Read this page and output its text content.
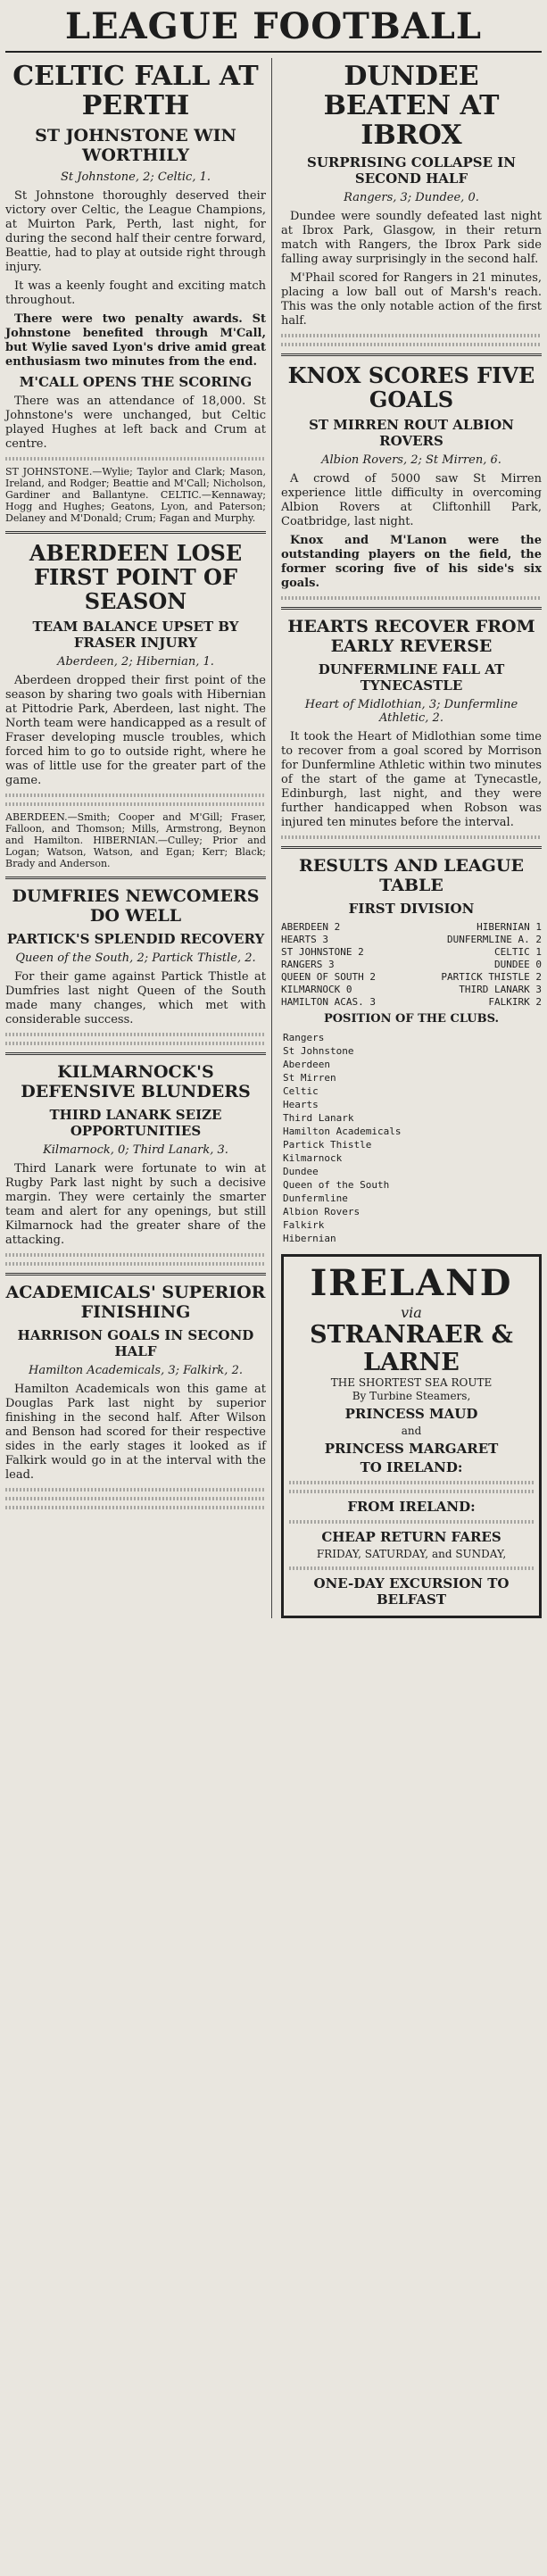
LEAGUE FOOTBALL
CELTIC FALL AT PERTH
ST JOHNSTONE WIN WORTHILY
St Johnstone, 2; Celtic, 1.

St Johnstone thoroughly deserved their victory over Celtic, the League Champions, at Muirton Park, Perth, last night, for during the second half their centre forward, Beattie, had to play at outside right through injury.

It was a keenly fought and exciting match throughout.

There were two penalty awards. St Johnstone benefited through M'Call, but Wylie saved Lyon's drive amid great enthusiasm two minutes from the end.

M'CALL OPENS THE SCORING

There was an attendance of 18,000. St Johnstone's were unchanged, but Celtic played Hughes at left back and Crum at centre.

ST JOHNSTONE.—Wylie; Taylor and Clark; Mason, Ireland, and Rodger; Beattie and M'Call; Nicholson, Gardiner and Ballantyne. CELTIC.—Kennaway; Hogg and Hughes; Geatons, Lyon, and Paterson; Delaney and M'Donald; Crum; Fagan and Murphy.

ABERDEEN LOSE FIRST POINT OF SEASON
TEAM BALANCE UPSET BY FRASER INJURY
Aberdeen, 2; Hibernian, 1.

Aberdeen dropped their first point of the season by sharing two goals with Hibernian at Pittodrie Park, Aberdeen, last night. The North team were handicapped as a result of Fraser developing muscle troubles, which forced him to go to outside right, where he was of little use for the greater part of the game.

ABERDEEN.—Smith; Cooper and M'Gill; Fraser, Falloon, and Thomson; Mills, Armstrong, Beynon and Hamilton. HIBERNIAN.—Culley; Prior and Logan; Watson, Watson, and Egan; Kerr; Black; Brady and Anderson.

DUMFRIES NEWCOMERS DO WELL
PARTICK'S SPLENDID RECOVERY
Queen of the South, 2; Partick Thistle, 2.

For their game against Partick Thistle at Dumfries last night Queen of the South made many changes, which met with considerable success.

KILMARNOCK'S DEFENSIVE BLUNDERS
THIRD LANARK SEIZE OPPORTUNITIES
Kilmarnock, 0; Third Lanark, 3.

Third Lanark were fortunate to win at Rugby Park last night by such a decisive margin. They were certainly the smarter team and alert for any openings, but still Kilmarnock had the greater share of the attacking.

ACADEMICALS' SUPERIOR FINISHING
HARRISON GOALS IN SECOND HALF
Hamilton Academicals, 3; Falkirk, 2.

Hamilton Academicals won this game at Douglas Park last night by superior finishing in the second half. After Wilson and Benson had scored for their respective sides in the early stages it looked as if Falkirk would go in at the interval with the lead.

DUNDEE BEATEN AT IBROX
SURPRISING COLLAPSE IN SECOND HALF
Rangers, 3; Dundee, 0.

Dundee were soundly defeated last night at Ibrox Park, Glasgow, in their return match with Rangers, the Ibrox Park side falling away surprisingly in the second half.

M'Phail scored for Rangers in 21 minutes, placing a low ball out of Marsh's reach. This was the only notable action of the first half.

KNOX SCORES FIVE GOALS
ST MIRREN ROUT ALBION ROVERS
Albion Rovers, 2; St Mirren, 6.

A crowd of 5000 saw St Mirren experience little difficulty in overcoming Albion Rovers at Cliftonhill Park, Coatbridge, last night.

Knox and M'Lanon were the outstanding players on the field, the former scoring five of his side's six goals.

HEARTS RECOVER FROM EARLY REVERSE
DUNFERMLINE FALL AT TYNECASTLE
Heart of Midlothian, 3; Dunfermline Athletic, 2.

It took the Heart of Midlothian some time to recover from a goal scored by Morrison for Dunfermline Athletic within two minutes of the start of the game at Tynecastle, Edinburgh, last night, and they were further handicapped when Robson was injured ten minutes before the interval.

RESULTS AND LEAGUE TABLE
FIRST DIVISION
ABERDEEN 2	HIBERNIAN 1
HEARTS 3	DUNFERMLINE A. 2
ST JOHNSTONE 2	CELTIC 1
RANGERS 3	DUNDEE 0
QUEEN OF SOUTH 2	PARTICK THISTLE 2
KILMARNOCK 0	THIRD LANARK 3
HAMILTON ACAS. 3	FALKIRK 2
POSITION OF THE CLUBS.
Rangers
St Johnstone
Aberdeen
St Mirren
Celtic
Hearts
Third Lanark
Hamilton Academicals
Partick Thistle
Kilmarnock
Dundee
Queen of the South
Dunfermline
Albion Rovers
Falkirk
Hibernian
IRELAND
via
STRANRAER & LARNE
THE SHORTEST SEA ROUTE
By Turbine Steamers,
PRINCESS MAUD
and
PRINCESS MARGARET
TO IRELAND:
FROM IRELAND:
CHEAP RETURN FARES
FRIDAY, SATURDAY, and SUNDAY,
ONE-DAY EXCURSION TO BELFAST
